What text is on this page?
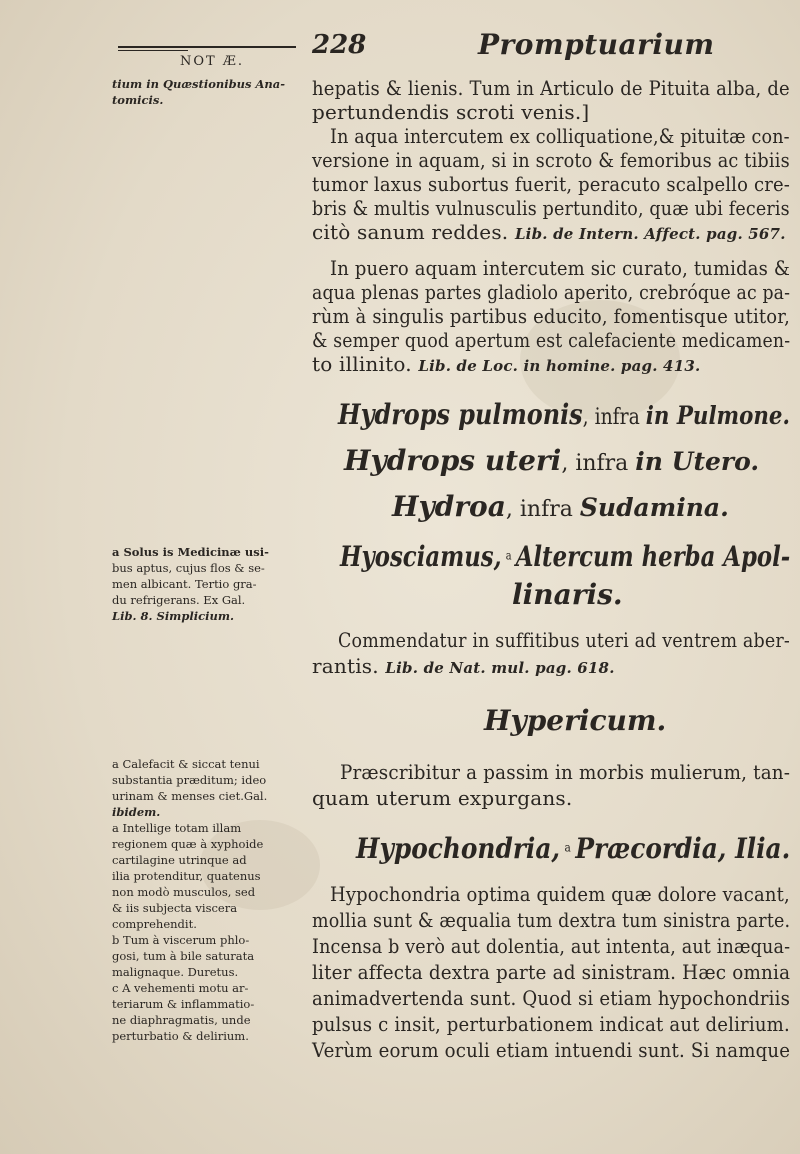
NOT Æ.
228	Promptuarium
tium in Quæstionibus Ana-
tomicis.	hepatis & lienis. Tum in Articulo de Pituita alba, de
pertundendis scroti venis.]
In aqua intercutem ex colliquatione,& pituitæ con-
versione in aquam, si in scroto & femoribus ac tibiis
tumor laxus subortus fuerit, peracuto scalpello cre-
bris & multis vulnusculis pertundito, quæ ubi feceris
citò sanum reddes. Lib. de Intern. Affect. pag. 567.
In puero aquam intercutem sic curato, tumidas &
aqua plenas partes gladiolo aperito, crebróque ac pa-
rùm à singulis partibus educito, fomentisque utitor,
& semper quod apertum est calefaciente medicamen-
to illinito. Lib. de Loc. in homine. pag. 413.
Hydrops pulmonis, infra in Pulmone.
Hydrops uteri, infra in Utero.
Hydroa, infra Sudamina.
a Solus is Medicinæ usi-
bus aptus, cujus flos & se-
men albicant. Tertio gra-
du refrigerans. Ex Gal.
Lib. 8. Simplicium.
Hyosciamus, $^a$ Altercum herba Apol-
linaris.
Commendatur in suffitibus uteri ad ventrem aber-
rantis. Lib. de Nat. mul. pag. 618.
Hypericum.
a Calefacit & siccat tenui
substantia præditum; ideo
urinam & menses ciet.Gal.
ibidem.
Præscribitur a passim in morbis mulierum, tan-
quam uterum expurgans.
Hypochondria, $^a$ Præcordia, Ilia.
a Intellige totam illam
regionem quæ à xyphoide
cartilagine utrinque ad
ilia protenditur, quatenus
non modò musculos, sed
& iis subjecta viscera
comprehendit.
b Tum à viscerum phlo-
gosi, tum à bile saturata
malignaque. Duretus.
c A vehementi motu ar-
teriarum & inflammatio-
ne diaphragmatis, unde
perturbatio & delirium.
Hypochondria optima quidem quæ dolore vacant,
mollia sunt & æqualia tum dextra tum sinistra parte.
Incensa b verò aut dolentia, aut intenta, aut inæqua-
liter affecta dextra parte ad sinistram. Hæc omnia
animadvertenda sunt. Quod si etiam hypochondriis
pulsus c insit, perturbationem indicat aut delirium.
Verùm eorum oculi etiam intuendi sunt. Si namque
